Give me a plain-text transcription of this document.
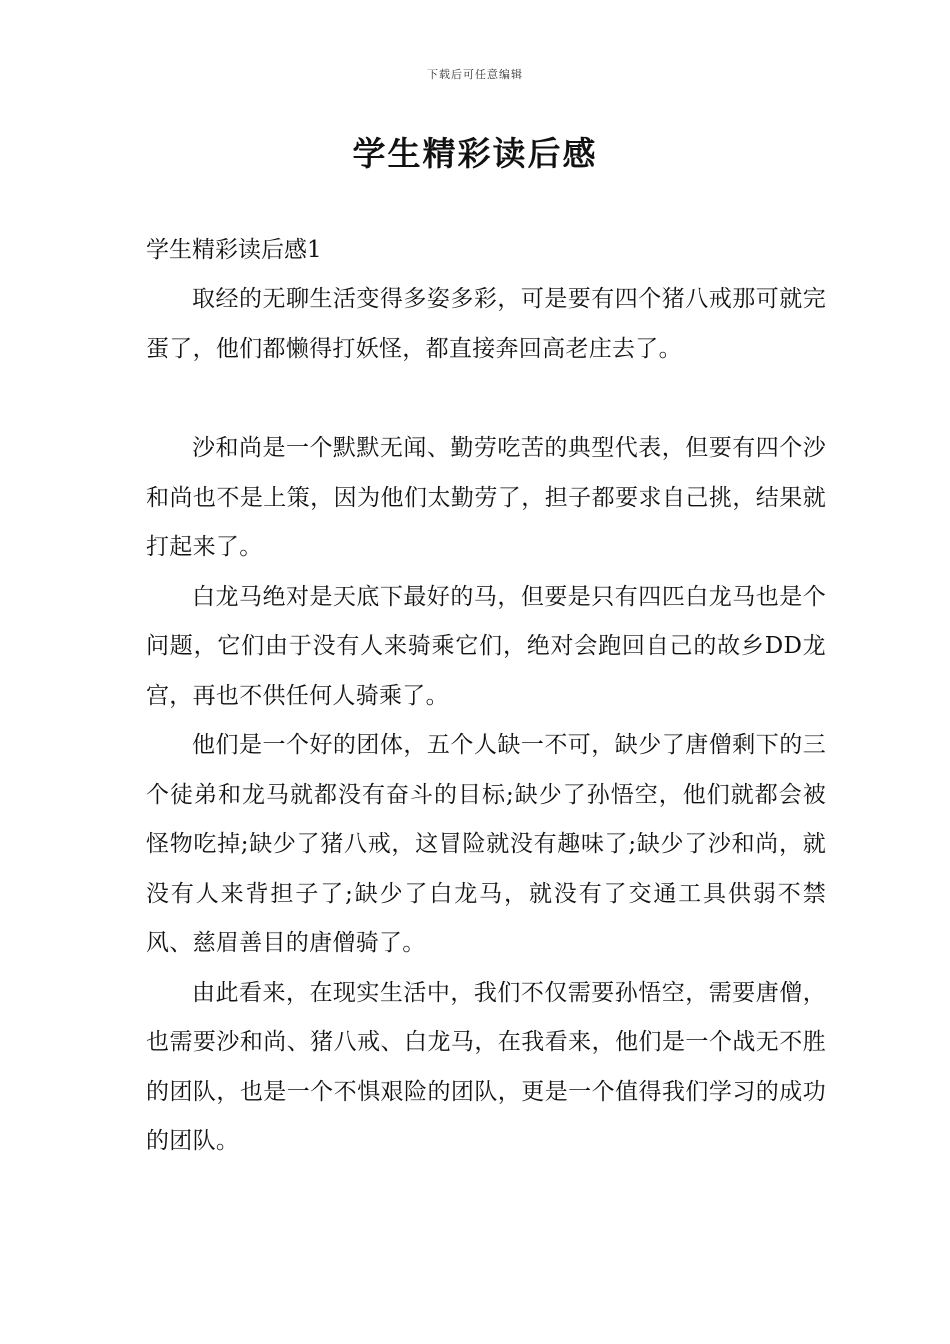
下载后可任意编辑
学生精彩读后感

学生精彩读后感1

取经的无聊生活变得多姿多彩，可是要有四个猪八戒那可就完蛋了，他们都懒得打妖怪，都直接奔回高老庄去了。

沙和尚是一个默默无闻、勤劳吃苦的典型代表，但要有四个沙和尚也不是上策，因为他们太勤劳了，担子都要求自己挑，结果就打起来了。

白龙马绝对是天底下最好的马，但要是只有四匹白龙马也是个问题，它们由于没有人来骑乘它们，绝对会跑回自己的故乡DD龙宫，再也不供任何人骑乘了。

他们是一个好的团体，五个人缺一不可，缺少了唐僧剩下的三个徒弟和龙马就都没有奋斗的目标;缺少了孙悟空，他们就都会被怪物吃掉;缺少了猪八戒，这冒险就没有趣味了;缺少了沙和尚，就没有人来背担子了;缺少了白龙马，就没有了交通工具供弱不禁风、慈眉善目的唐僧骑了。

由此看来，在现实生活中，我们不仅需要孙悟空，需要唐僧，也需要沙和尚、猪八戒、白龙马，在我看来，他们是一个战无不胜的团队，也是一个不惧艰险的团队，更是一个值得我们学习的成功的团队。
